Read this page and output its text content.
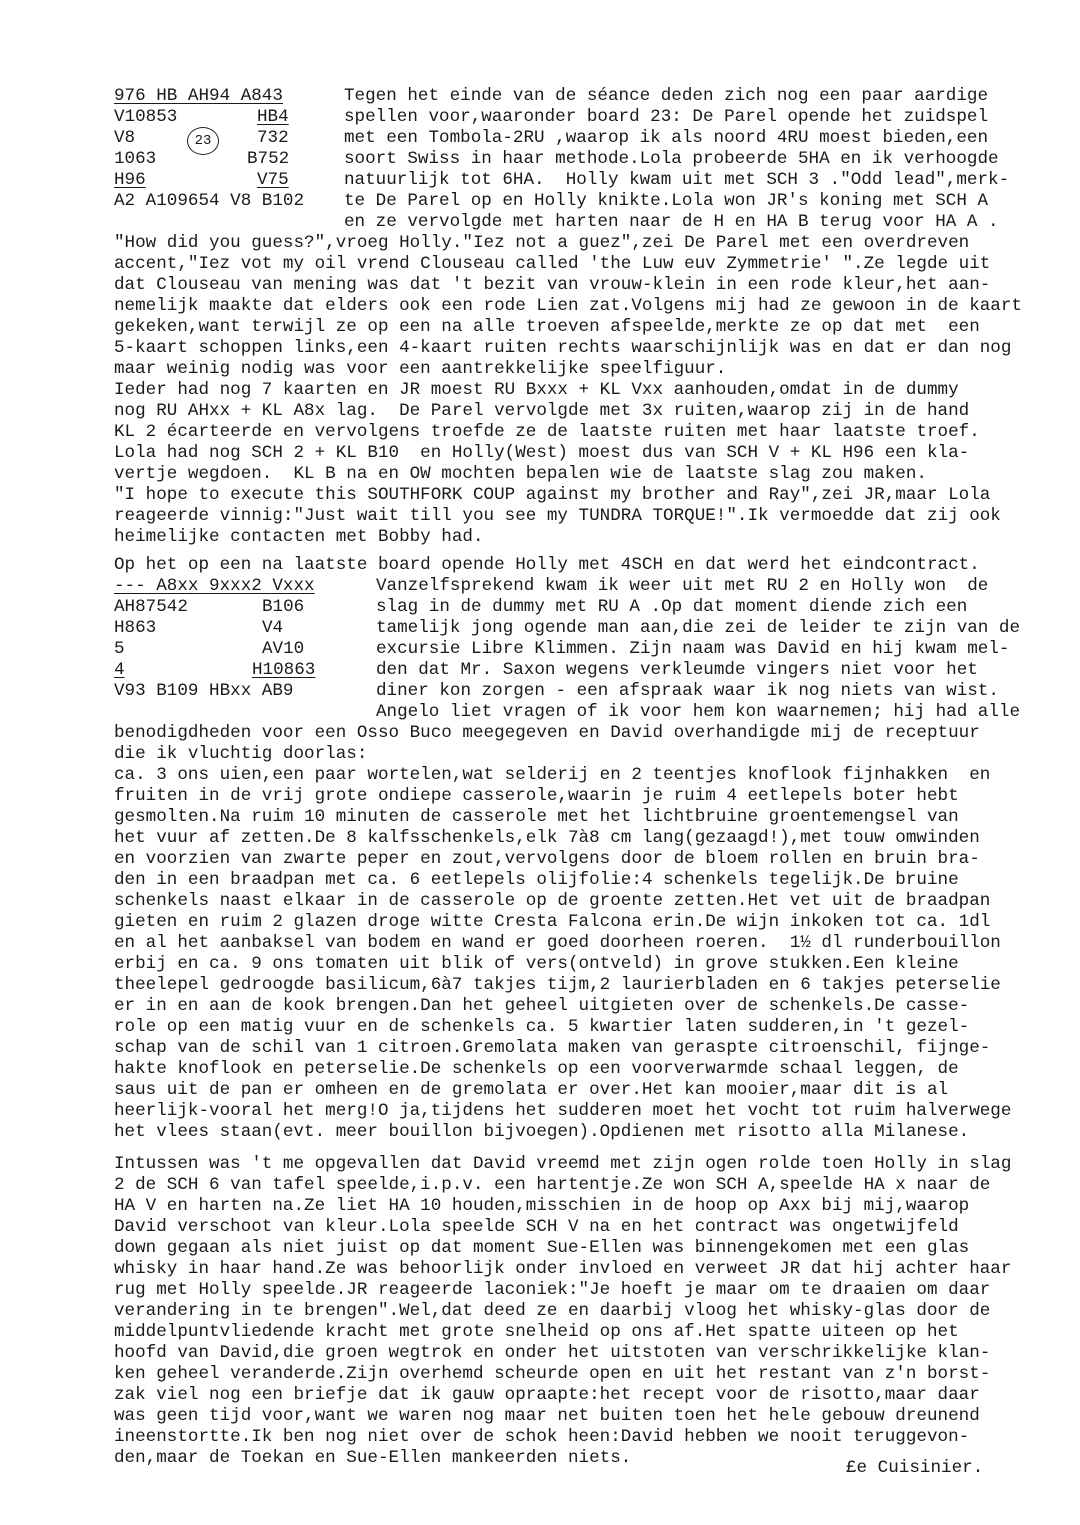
976 HB AH94 A843
V10853	HB4
V8	23	732
1063	B752
H96	V75
A2 A109654 V8 B102
Tegen het einde van de séance deden zich nog een paar aardige
spellen voor,waaronder board 23: De Parel opende het zuidspel
met een Tombola-2RU ,waarop ik als noord 4RU moest bieden,een
soort Swiss in haar methode.Lola probeerde 5HA en ik verhoogde
natuurlijk tot 6HA.  Holly kwam uit met SCH 3 ."Odd lead",merk-
te De Parel op en Holly knikte.Lola won JR's koning met SCH A
en ze vervolgde met harten naar de H en HA B terug voor HA A .
"How did you guess?",vroeg Holly."Iez not a guez",zei De Parel met een overdreven
accent,"Iez vot my oil vrend Clouseau called 'the Luw euv Zymmetrie' ".Ze legde uit
dat Clouseau van mening was dat 't bezit van vrouw-klein in een rode kleur,het aan-
nemelijk maakte dat elders ook een rode Lien zat.Volgens mij had ze gewoon in de kaart
gekeken,want terwijl ze op een na alle troeven afspeelde,merkte ze op dat met  een
5-kaart schoppen links,een 4-kaart ruiten rechts waarschijnlijk was en dat er dan nog
maar weinig nodig was voor een aantrekkelijke speelfiguur.
Ieder had nog 7 kaarten en JR moest RU Bxxx + KL Vxx aanhouden,omdat in de dummy
nog RU AHxx + KL A8x lag.  De Parel vervolgde met 3x ruiten,waarop zij in de hand
KL 2 écarteerde en vervolgens troefde ze de laatste ruiten met haar laatste troef.
Lola had nog SCH 2 + KL B10  en Holly(West) moest dus van SCH V + KL H96 een kla-
vertje wegdoen.  KL B na en OW mochten bepalen wie de laatste slag zou maken.
"I hope to execute this SOUTHFORK COUP against my brother and Ray",zei JR,maar Lola
reageerde vinnig:"Just wait till you see my TUNDRA TORQUE!".Ik vermoedde dat zij ook
heimelijke contacten met Bobby had.
Op het op een na laatste board opende Holly met 4SCH en dat werd het eindcontract.
--- A8xx 9xxx2 Vxxx
AH87542	B106
H863	V4
5	AV10
4	H10863
V93 B109 HBxx AB9
Vanzelfsprekend kwam ik weer uit met RU 2 en Holly won  de
slag in de dummy met RU A .Op dat moment diende zich een
tamelijk jong ogende man aan,die zei de leider te zijn van de
excursie Libre Klimmen. Zijn naam was David en hij kwam mel-
den dat Mr. Saxon wegens verkleumde vingers niet voor het
diner kon zorgen - een afspraak waar ik nog niets van wist.
Angelo liet vragen of ik voor hem kon waarnemen; hij had alle
benodigdheden voor een Osso Buco meegegeven en David overhandigde mij de receptuur
die ik vluchtig doorlas:
ca. 3 ons uien,een paar wortelen,wat selderij en 2 teentjes knoflook fijnhakken  en
fruiten in de vrij grote ondiepe casserole,waarin je ruim 4 eetlepels boter hebt
gesmolten.Na ruim 10 minuten de casserole met het lichtbruine groentemengsel van
het vuur af zetten.De 8 kalfsschenkels,elk 7à8 cm lang(gezaagd!),met touw omwinden
en voorzien van zwarte peper en zout,vervolgens door de bloem rollen en bruin bra-
den in een braadpan met ca. 6 eetlepels olijfolie:4 schenkels tegelijk.De bruine
schenkels naast elkaar in de casserole op de groente zetten.Het vet uit de braadpan
gieten en ruim 2 glazen droge witte Cresta Falcona erin.De wijn inkoken tot ca. 1dl
en al het aanbaksel van bodem en wand er goed doorheen roeren.  1½ dl runderbouillon
erbij en ca. 9 ons tomaten uit blik of vers(ontveld) in grove stukken.Een kleine
theelepel gedroogde basilicum,6à7 takjes tijm,2 laurierbladen en 6 takjes peterselie
er in en aan de kook brengen.Dan het geheel uitgieten over de schenkels.De casse-
role op een matig vuur en de schenkels ca. 5 kwartier laten sudderen,in 't gezel-
schap van de schil van 1 citroen.Gremolata maken van geraspte citroenschil, fijnge-
hakte knoflook en peterselie.De schenkels op een voorverwarmde schaal leggen, de
saus uit de pan er omheen en de gremolata er over.Het kan mooier,maar dit is al
heerlijk-vooral het merg!O ja,tijdens het sudderen moet het vocht tot ruim halverwege
het vlees staan(evt. meer bouillon bijvoegen).Opdienen met risotto alla Milanese.
Intussen was 't me opgevallen dat David vreemd met zijn ogen rolde toen Holly in slag
2 de SCH 6 van tafel speelde,i.p.v. een hartentje.Ze won SCH A,speelde HA x naar de
HA V en harten na.Ze liet HA 10 houden,misschien in de hoop op Axx bij mij,waarop
David verschoot van kleur.Lola speelde SCH V na en het contract was ongetwijfeld
down gegaan als niet juist op dat moment Sue-Ellen was binnengekomen met een glas
whisky in haar hand.Ze was behoorlijk onder invloed en verweet JR dat hij achter haar
rug met Holly speelde.JR reageerde laconiek:"Je hoeft je maar om te draaien om daar
verandering in te brengen".Wel,dat deed ze en daarbij vloog het whisky-glas door de
middelpuntvliedende kracht met grote snelheid op ons af.Het spatte uiteen op het
hoofd van David,die groen wegtrok en onder het uitstoten van verschrikkelijke klan-
ken geheel veranderde.Zijn overhemd scheurde open en uit het restant van z'n borst-
zak viel nog een briefje dat ik gauw opraapte:het recept voor de risotto,maar daar
was geen tijd voor,want we waren nog maar net buiten toen het hele gebouw dreunend
ineenstortte.Ik ben nog niet over de schok heen:David hebben we nooit teruggevon-
den,maar de Toekan en Sue-Ellen mankeerden niets.	£e Cuisinier.
